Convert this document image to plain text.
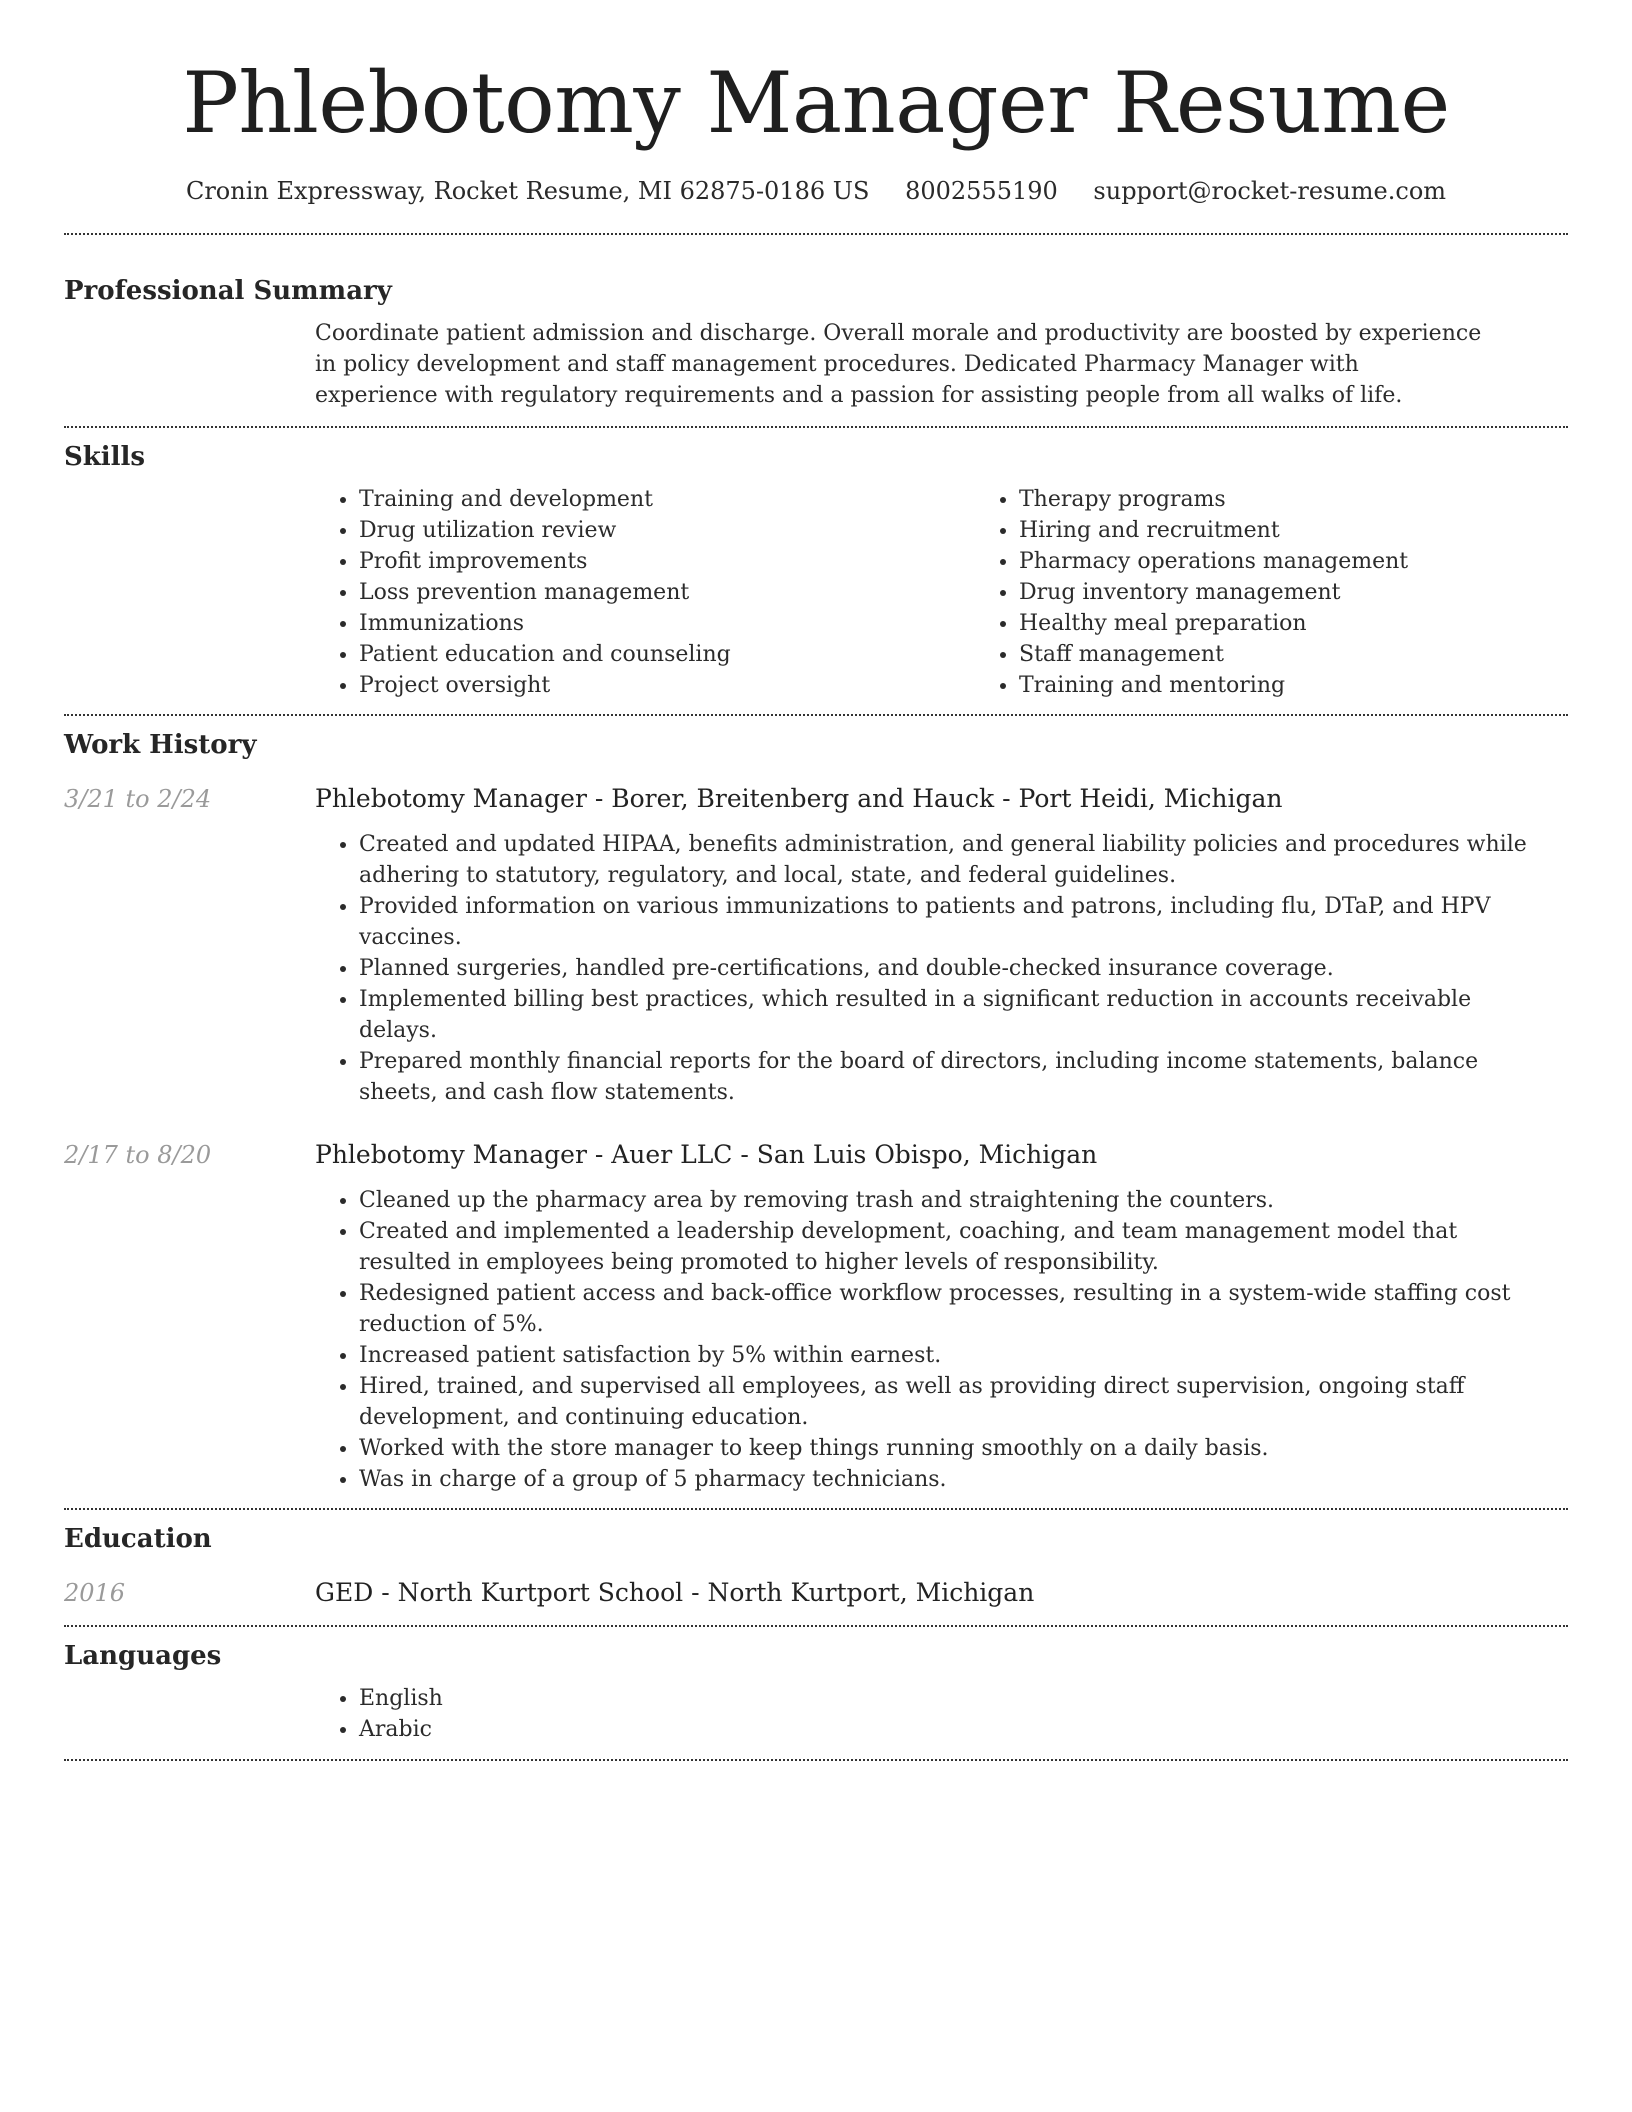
Phlebotomy Manager Resume
Cronin Expressway, Rocket Resume, MI 62875-0186 US 8002555190 support@rocket-resume.com
Professional Summary
Coordinate patient admission and discharge. Overall morale and productivity are boosted by experience in policy development and staff management procedures. Dedicated Pharmacy Manager with experience with regulatory requirements and a passion for assisting people from all walks of life.
Skills
• Training and development
• Drug utilization review
• Profit improvements
• Loss prevention management
• Immunizations
• Patient education and counseling
• Project oversight
• Therapy programs
• Hiring and recruitment
• Pharmacy operations management
• Drug inventory management
• Healthy meal preparation
• Staff management
• Training and mentoring
Work History
3/21 to 2/24	Phlebotomy Manager - Borer, Breitenberg and Hauck - Port Heidi, Michigan
• Created and updated HIPAA, benefits administration, and general liability policies and procedures while adhering to statutory, regulatory, and local, state, and federal guidelines.
• Provided information on various immunizations to patients and patrons, including flu, DTaP, and HPV vaccines.
• Planned surgeries, handled pre-certifications, and double-checked insurance coverage.
• Implemented billing best practices, which resulted in a significant reduction in accounts receivable delays.
• Prepared monthly financial reports for the board of directors, including income statements, balance sheets, and cash flow statements.
2/17 to 8/20	Phlebotomy Manager - Auer LLC - San Luis Obispo, Michigan
• Cleaned up the pharmacy area by removing trash and straightening the counters.
• Created and implemented a leadership development, coaching, and team management model that resulted in employees being promoted to higher levels of responsibility.
• Redesigned patient access and back-office workflow processes, resulting in a system-wide staffing cost reduction of 5%.
• Increased patient satisfaction by 5% within earnest.
• Hired, trained, and supervised all employees, as well as providing direct supervision, ongoing staff development, and continuing education.
• Worked with the store manager to keep things running smoothly on a daily basis.
• Was in charge of a group of 5 pharmacy technicians.
Education
2016	GED - North Kurtport School - North Kurtport, Michigan
Languages
• English
• Arabic
